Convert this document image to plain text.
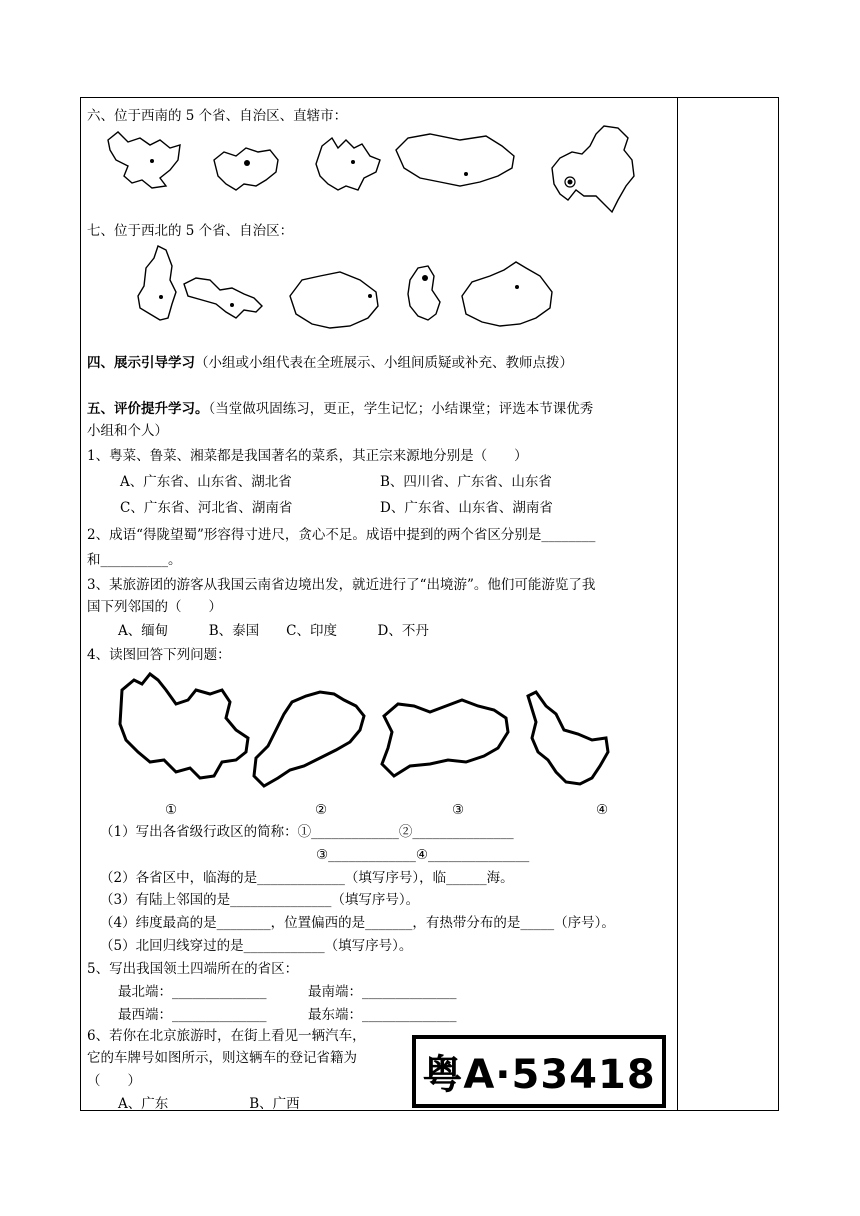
六、位于西南的 5 个省、自治区、直辖市：
七、位于西北的 5 个省、自治区：
四、展示引导学习（小组或小组代表在全班展示、小组间质疑或补充、教师点拨）
五、评价提升学习。（当堂做巩固练习，更正，学生记忆；小结课堂；评选本节课优秀
小组和个人）
1、粤菜、鲁菜、湘菜都是我国著名的菜系，其正宗来源地分别是（　　）
A、广东省、山东省、湖北省	B、四川省、广东省、山东省
C、广东省、河北省、湖南省	D、广东省、山东省、湖南省
2、成语“得陇望蜀”形容得寸进尺，贪心不足。成语中提到的两个省区分别是________
和__________。
3、某旅游团的游客从我国云南省边境出发，就近进行了“出境游”。他们可能游览了我
国下列邻国的（　　）
A、缅甸　　　B、泰国　　C、印度　　　D、不丹
4、读图回答下列问题：
①	②	③	④
（1）写出各省级行政区的简称：①_____________②_______________
③_____________④_______________
（2）各省区中，临海的是_____________（填写序号），临______海。
（3）有陆上邻国的是_______________（填写序号）。
（4）纬度最高的是________，位置偏西的是_______，有热带分布的是_____（序号）。
（5）北回归线穿过的是____________（填写序号）。
5、写出我国领土四端所在的省区：
最北端：______________	最南端：______________
最西端：______________	最东端：______________
6、若你在北京旅游时，在街上看见一辆汽车，
它的车牌号如图所示，则这辆车的登记省籍为
（　　）
A、广东　　　　　　B、广西
粤A·53418
